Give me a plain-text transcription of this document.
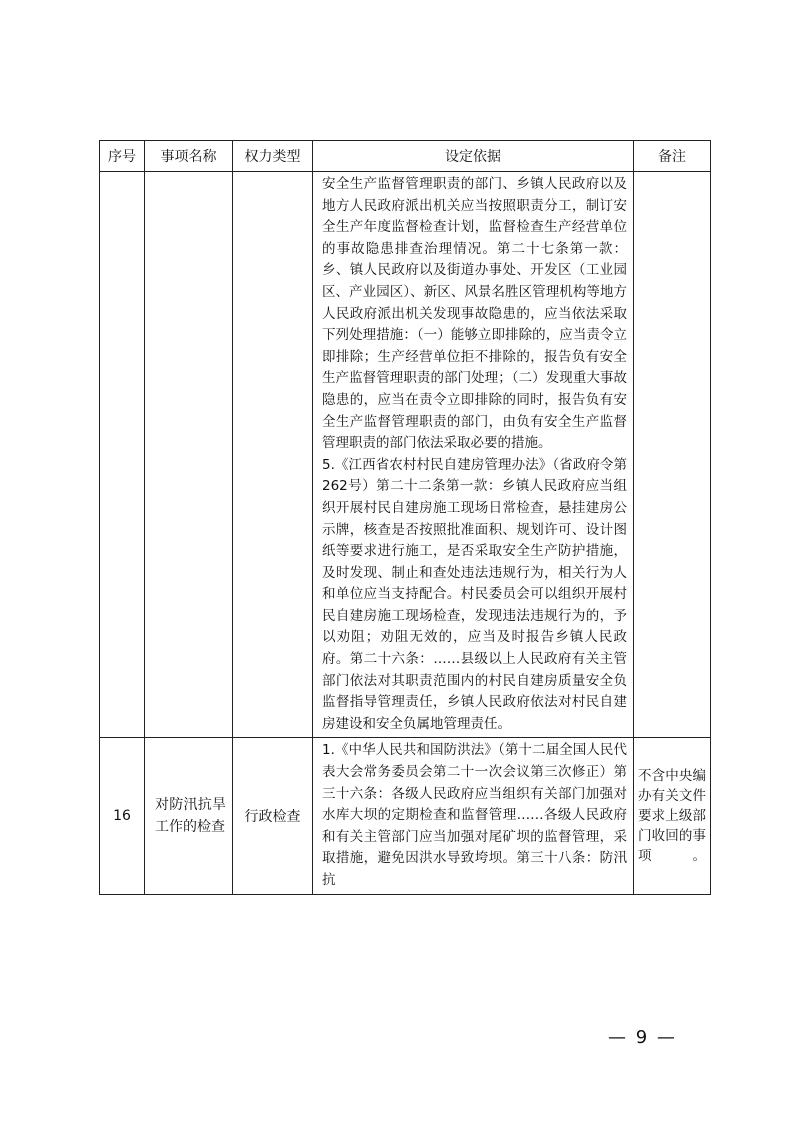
序号	事项名称	权力类型	设定依据	备注

			安全生产监督管理职责的部门、乡镇人民政府以及地方人民政府派出机关应当按照职责分工，制订安全生产年度监督检查计划，监督检查生产经营单位的事故隐患排查治理情况。第二十七条第一款：乡、镇人民政府以及街道办事处、开发区（工业园区、产业园区）、新区、风景名胜区管理机构等地方人民政府派出机关发现事故隐患的，应当依法采取下列处理措施：（一）能够立即排除的，应当责令立即排除；生产经营单位拒不排除的，报告负有安全生产监督管理职责的部门处理；（二）发现重大事故隐患的，应当在责令立即排除的同时，报告负有安全生产监督管理职责的部门，由负有安全生产监督管理职责的部门依法采取必要的措施。
5.《江西省农村村民自建房管理办法》（省政府令第262号）第二十二条第一款：乡镇人民政府应当组织开展村民自建房施工现场日常检查，悬挂建房公示牌，核查是否按照批准面积、规划许可、设计图纸等要求进行施工，是否采取安全生产防护措施，及时发现、制止和查处违法违规行为，相关行为人和单位应当支持配合。村民委员会可以组织开展村民自建房施工现场检查，发现违法违规行为的，予以劝阻；劝阻无效的，应当及时报告乡镇人民政府。第二十六条：……县级以上人民政府有关主管部门依法对其职责范围内的村民自建房质量安全负监督指导管理责任，乡镇人民政府依法对村民自建房建设和安全负属地管理责任。	

16	对防汛抗旱工作的检查	行政检查	1.《中华人民共和国防洪法》（第十二届全国人民代表大会常务委员会第二十一次会议第三次修正）第三十六条：各级人民政府应当组织有关部门加强对水库大坝的定期检查和监督管理……各级人民政府和有关主管部门应当加强对尾矿坝的监督管理，采取措施，避免因洪水导致垮坝。第三十八条：防汛抗	不含中央编办有关文件要求上级部门收回的事项。
— 9 —
